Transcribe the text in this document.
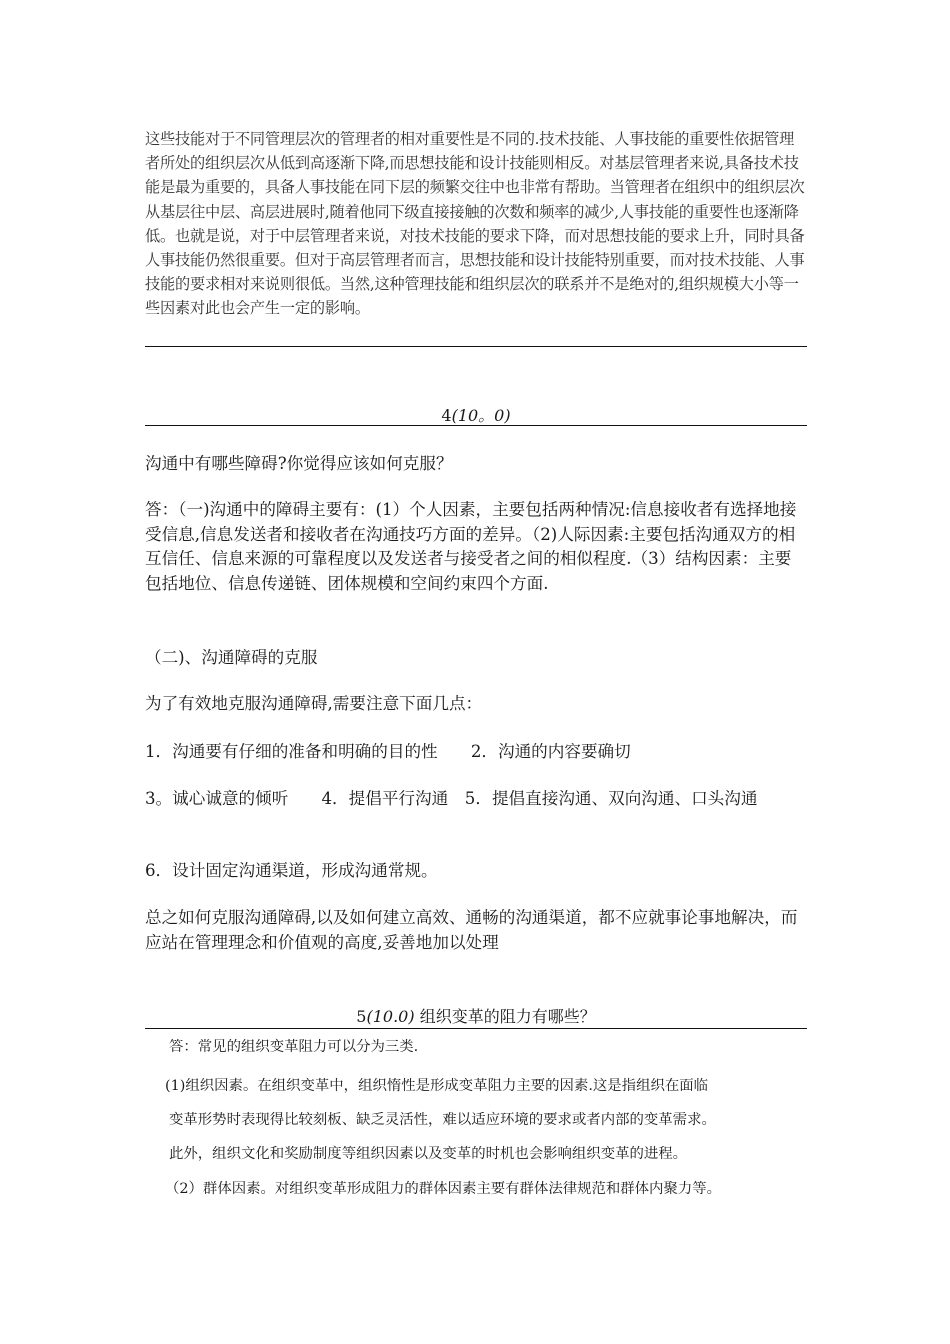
这些技能对于不同管理层次的管理者的相对重要性是不同的.技术技能、人事技能的重要性依据管理者所处的组织层次从低到高逐渐下降,而思想技能和设计技能则相反。对基层管理者来说,具备技术技能是最为重要的，具备人事技能在同下层的频繁交往中也非常有帮助。当管理者在组织中的组织层次从基层往中层、高层进展时,随着他同下级直接接触的次数和频率的减少,人事技能的重要性也逐渐降低。也就是说，对于中层管理者来说，对技术技能的要求下降，而对思想技能的要求上升，同时具备人事技能仍然很重要。但对于高层管理者而言，思想技能和设计技能特别重要，而对技术技能、人事技能的要求相对来说则很低。当然,这种管理技能和组织层次的联系并不是绝对的,组织规模大小等一些因素对此也会产生一定的影响。
4(10。0)
沟通中有哪些障碍?你觉得应该如何克服？
答：（一)沟通中的障碍主要有：(1）个人因素，主要包括两种情况:信息接收者有选择地接受信息,信息发送者和接收者在沟通技巧方面的差异。（2)人际因素:主要包括沟通双方的相互信任、信息来源的可靠程度以及发送者与接受者之间的相似程度.（3）结构因素：主要包括地位、信息传递链、团体规模和空间约束四个方面.
（二)、沟通障碍的克服
为了有效地克服沟通障碍,需要注意下面几点：
1．沟通要有仔细的准备和明确的目的性　　2．沟通的内容要确切
3。诚心诚意的倾听　　4．提倡平行沟通　5．提倡直接沟通、双向沟通、口头沟通
6．设计固定沟通渠道，形成沟通常规。
总之如何克服沟通障碍,以及如何建立高效、通畅的沟通渠道，都不应就事论事地解决，而应站在管理理念和价值观的高度,妥善地加以处理
5(10.0) 组织变革的阻力有哪些？
答：常见的组织变革阻力可以分为三类.
(1)组织因素。在组织变革中，组织惰性是形成变革阻力主要的因素.这是指组织在面临
变革形势时表现得比较刻板、缺乏灵活性，难以适应环境的要求或者内部的变革需求。
此外，组织文化和奖励制度等组织因素以及变革的时机也会影响组织变革的进程。
（2）群体因素。对组织变革形成阻力的群体因素主要有群体法律规范和群体内聚力等。
